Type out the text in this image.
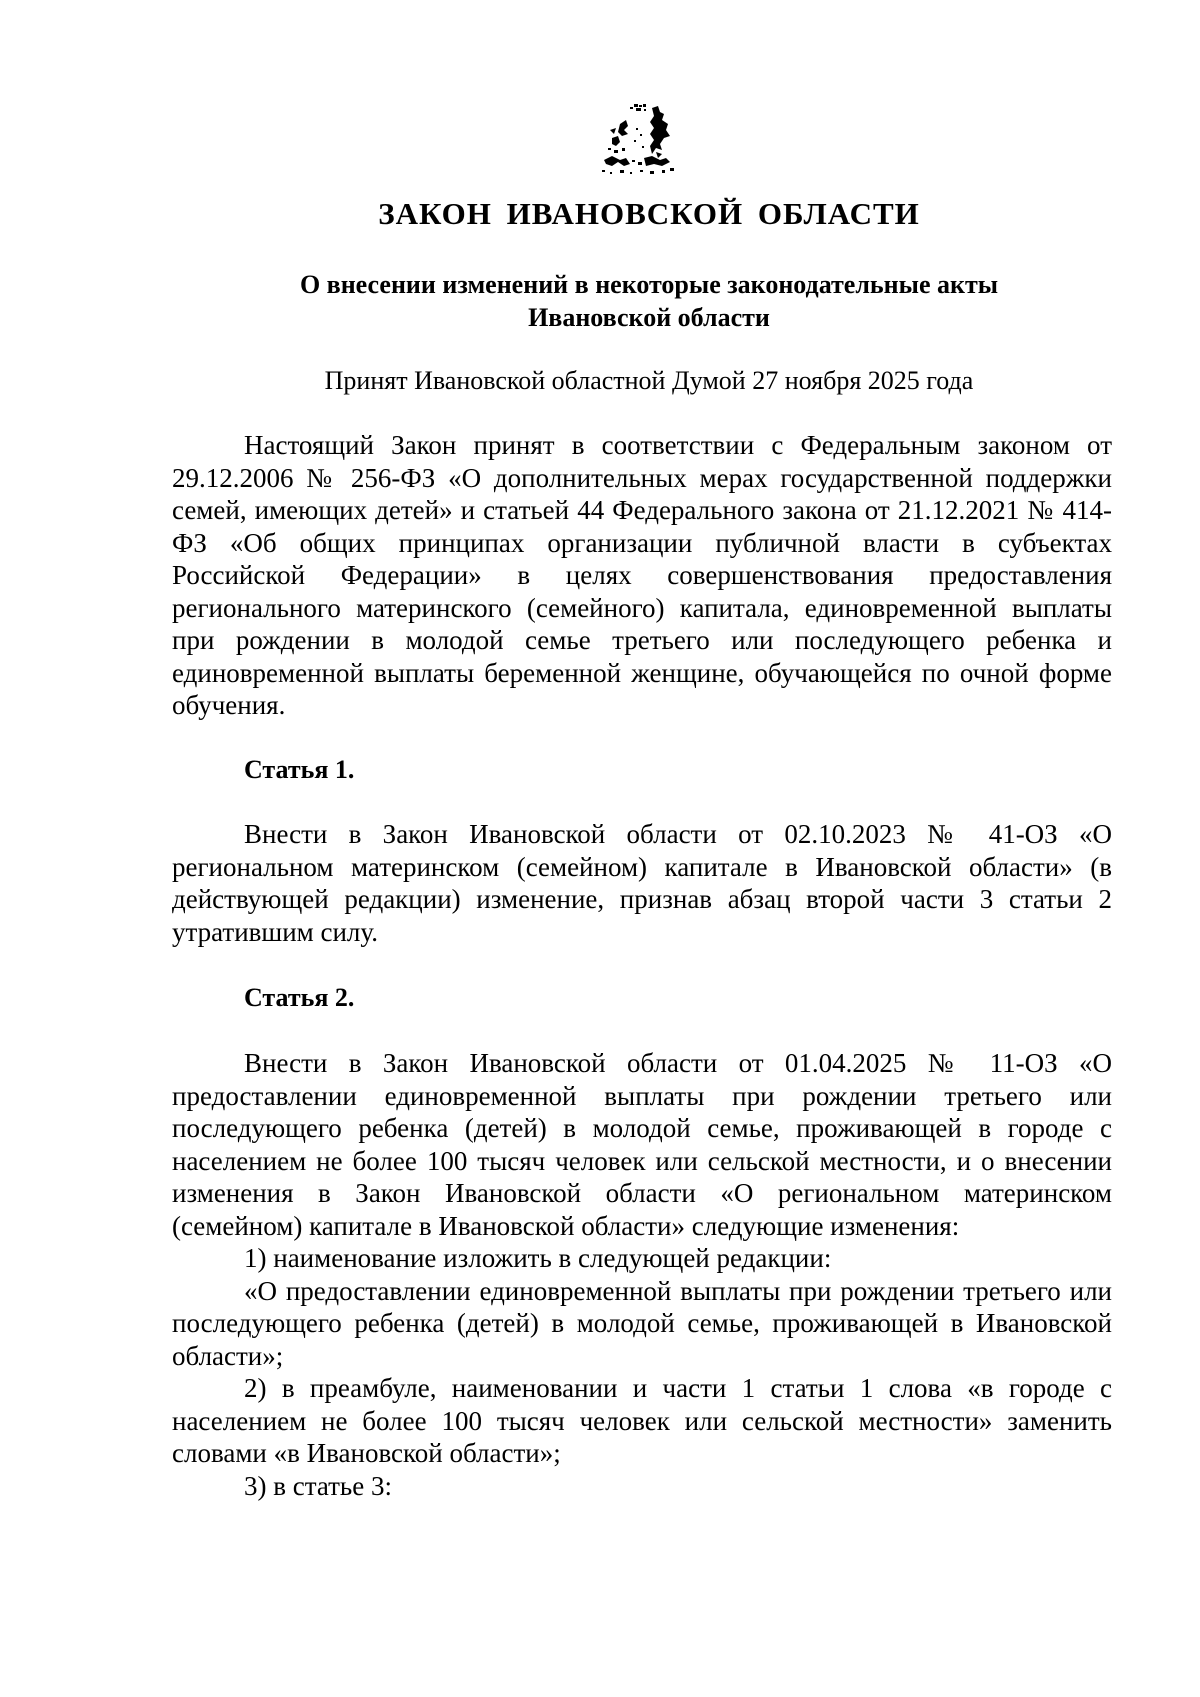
ЗАКОН ИВАНОВСКОЙ ОБЛАСТИ
О внесении изменений в некоторые законодательные акты
Ивановской области
Принят Ивановской областной Думой 27 ноября 2025 года

Настоящий Закон принят в соответствии с Федеральным законом от 29.12.2006 № 256-ФЗ «О дополнительных мерах государственной поддержки семей, имеющих детей» и статьей 44 Федерального закона от 21.12.2021 № 414-ФЗ «Об общих принципах организации публичной власти в субъектах Российской Федерации» в целях совершенствования предоставления регионального материнского (семейного) капитала, единовременной выплаты при рождении в молодой семье третьего или последующего ребенка и единовременной выплаты беременной женщине, обучающейся по очной форме обучения.

Статья 1.

Внести в Закон Ивановской области от 02.10.2023 № 41-ОЗ «О региональном материнском (семейном) капитале в Ивановской области» (в действующей редакции) изменение, признав абзац второй части 3 статьи 2 утратившим силу.

Статья 2.

Внести в Закон Ивановской области от 01.04.2025 № 11-ОЗ «О предоставлении единовременной выплаты при рождении третьего или последующего ребенка (детей) в молодой семье, проживающей в городе с населением не более 100 тысяч человек или сельской местности, и о внесении изменения в Закон Ивановской области «О региональном материнском (семейном) капитале в Ивановской области» следующие изменения:

1) наименование изложить в следующей редакции:

«О предоставлении единовременной выплаты при рождении третьего или последующего ребенка (детей) в молодой семье, проживающей в Ивановской области»;

2) в преамбуле, наименовании и части 1 статьи 1 слова «в городе с населением не более 100 тысяч человек или сельской местности» заменить словами «в Ивановской области»;

3) в статье 3:
